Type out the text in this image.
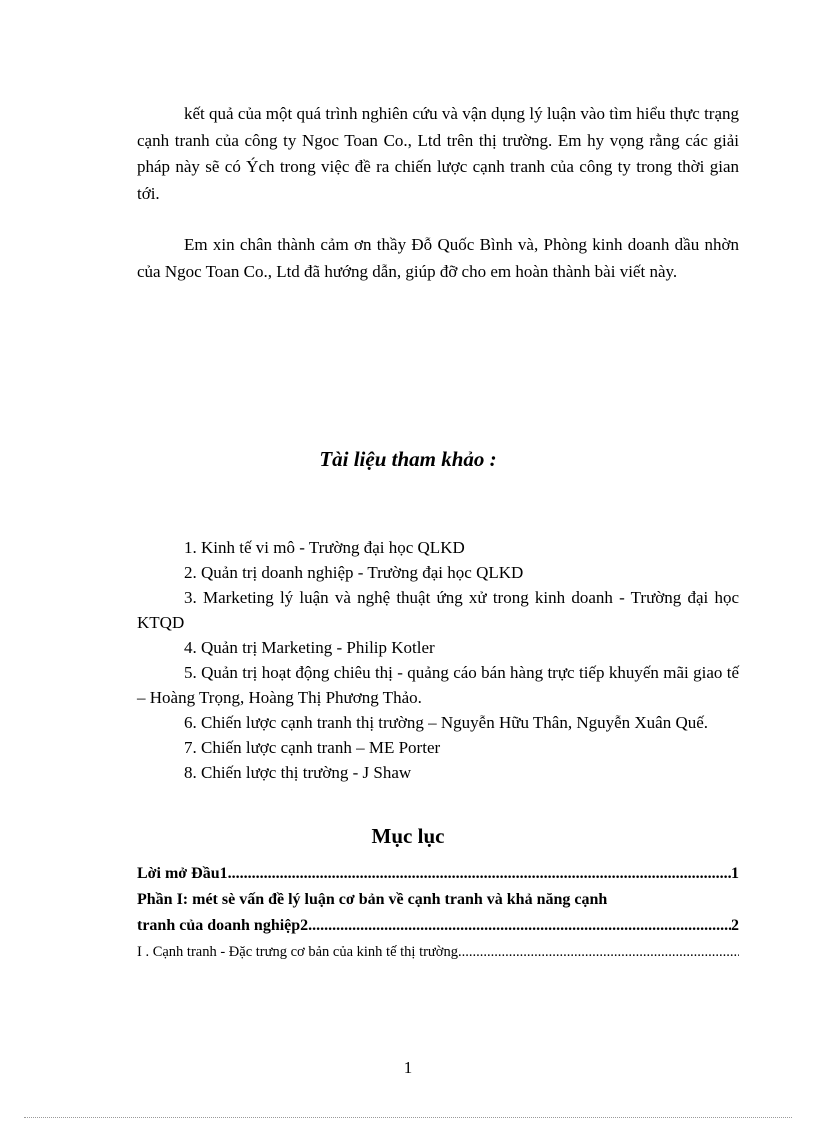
kết quả của một quá trình nghiên cứu và vận dụng lý luận vào tìm hiểu thực trạng cạnh tranh của công ty Ngoc Toan Co., Ltd trên thị trường. Em hy vọng rằng các giải pháp này sẽ có Ých trong việc đề ra chiến lược cạnh tranh của công ty trong thời gian tới.

Em xin chân thành cảm ơn thầy Đỗ Quốc Bình và, Phòng kinh doanh dầu nhờn của Ngoc Toan Co., Ltd đã hướng dẫn, giúp đỡ cho em hoàn thành bài viết này.

Tài liệu tham khảo :
1. Kinh tế vi mô - Trường đại học QLKD
2. Quản trị doanh nghiệp - Trường đại học QLKD
3. Marketing lý luận và nghệ thuật ứng xử trong kinh doanh - Trường đại học KTQD
4. Quản trị Marketing - Philip Kotler
5. Quản trị hoạt động chiêu thị - quảng cáo bán hàng trực tiếp khuyến mãi giao tế – Hoàng Trọng, Hoàng Thị Phương Thảo.
6. Chiến lược cạnh tranh thị trường – Nguyễn Hữu Thân, Nguyễn Xuân Quế.
7. Chiến lược cạnh tranh – ME Porter
8. Chiến lược thị trường - J Shaw
Mục lục
Lời mở Đầu1 .....	1
Phần I: mét sè vấn đề lý luận cơ bản về cạnh tranh và khả năng cạnh
tranh của doanh nghiệp2 .....	2
I . Cạnh tranh - Đặc trưng cơ bản của kinh tế thị trường
.....
1
